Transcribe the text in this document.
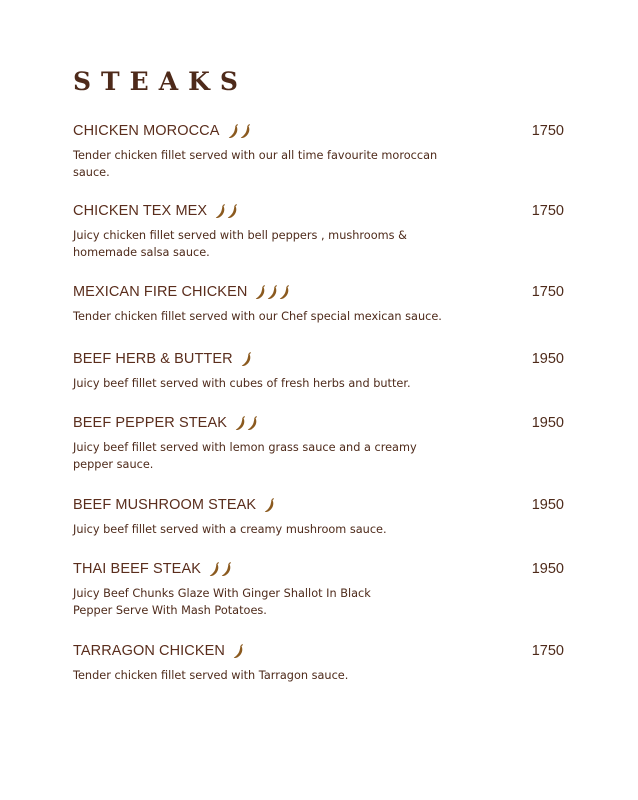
STEAKS
CHICKEN MOROCCA	1750
Tender chicken fillet served with our all time favourite moroccan
sauce.
CHICKEN TEX MEX	1750
Juicy chicken fillet served with bell peppers , mushrooms &
homemade salsa sauce.
MEXICAN FIRE CHICKEN	1750
Tender chicken fillet served with our Chef special mexican sauce.
BEEF HERB & BUTTER	1950
Juicy beef fillet served with cubes of fresh herbs and butter.
BEEF PEPPER STEAK	1950
Juicy beef fillet served with lemon grass sauce and a creamy
pepper sauce.
BEEF MUSHROOM STEAK	1950
Juicy beef fillet served with a creamy mushroom sauce.
THAI BEEF STEAK	1950
Juicy Beef Chunks Glaze With Ginger Shallot In Black
Pepper Serve With Mash Potatoes.
TARRAGON CHICKEN	1750
Tender chicken fillet served with Tarragon sauce.
